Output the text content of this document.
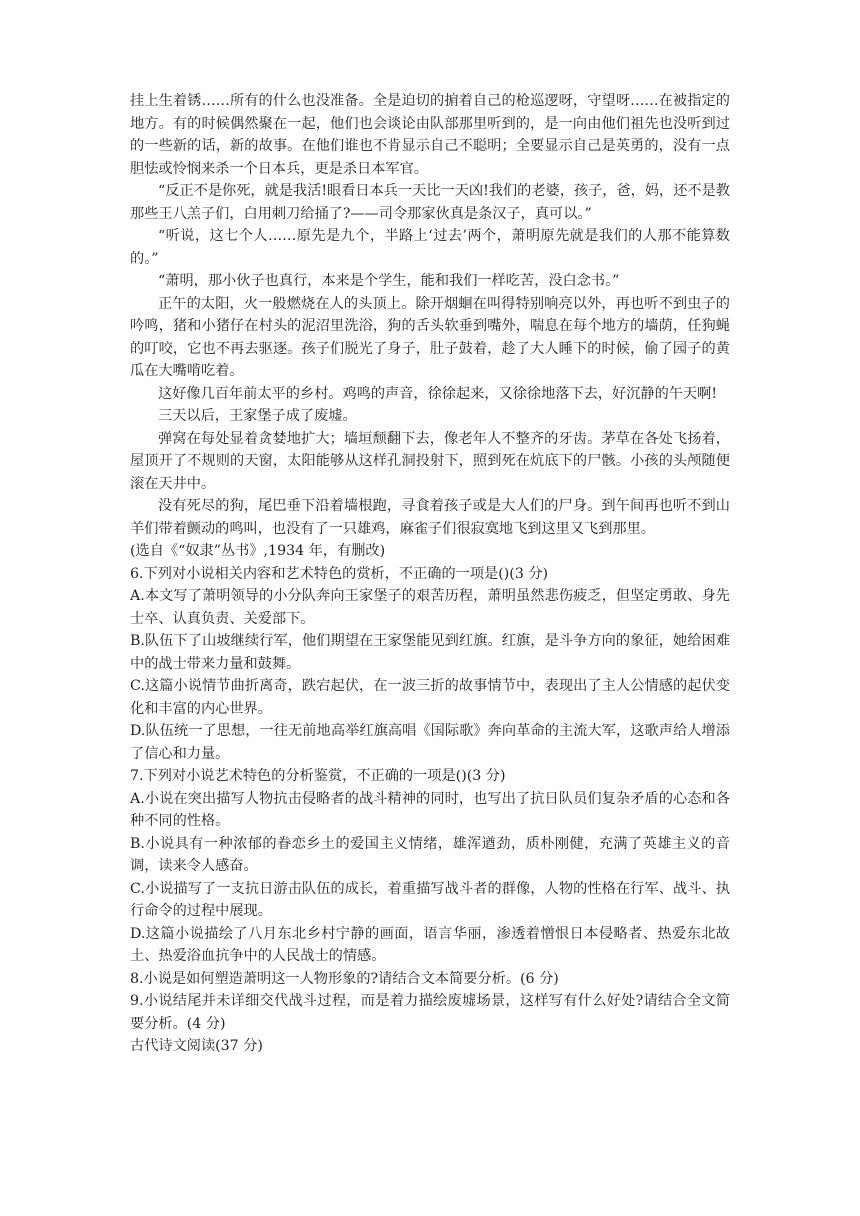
挂上生着锈……所有的什么也没准备。全是迫切的掮着自己的枪巡逻呀，守望呀……在被指定的地方。有的时候偶然聚在一起，他们也会谈论由队部那里听到的，是一向由他们祖先也没听到过的一些新的话，新的故事。在他们谁也不肯显示自己不聪明；全要显示自己是英勇的，没有一点胆怯或怜悯来杀一个日本兵，更是杀日本军官。

“反正不是你死，就是我活!眼看日本兵一天比一天凶!我们的老婆，孩子，爸，妈，还不是教那些王八羔子们，白用刺刀给捅了?——司令那家伙真是条汉子，真可以。”

“听说，这七个人……原先是九个，半路上‘过去’两个，萧明原先就是我们的人那不能算数的。”

“萧明，那小伙子也真行，本来是个学生，能和我们一样吃苦，没白念书。”

正午的太阳，火一般燃烧在人的头顶上。除开烟蛔在叫得特别响亮以外，再也听不到虫子的吟鸣，猪和小猪仔在村头的泥沼里洗浴，狗的舌头软垂到嘴外，喘息在每个地方的墙荫，任狗蝇的叮咬，它也不再去驱逐。孩子们脱光了身子，肚子鼓着，趁了大人睡下的时候，偷了园子的黄瓜在大嘴啃吃着。

这好像几百年前太平的乡村。鸡鸣的声音，徐徐起来，又徐徐地落下去，好沉静的午天啊!

三天以后，王家堡子成了废墟。

弹窝在每处显着贪婪地扩大；墙垣颓翻下去，像老年人不整齐的牙齿。茅草在各处飞扬着，屋顶开了不规则的天窗，太阳能够从这样孔洞投射下，照到死在炕底下的尸骸。小孩的头颅随便滚在天井中。

没有死尽的狗，尾巴垂下沿着墙根跑，寻食着孩子或是大人们的尸身。到午间再也听不到山羊们带着颤动的鸣叫，也没有了一只雄鸡，麻雀子们很寂寞地飞到这里又飞到那里。

(选自《“奴隶”丛书》,1934 年，有删改)

6.下列对小说相关内容和艺术特色的赏析，不正确的一项是()(3 分)

A.本文写了萧明领导的小分队奔向王家堡子的艰苦历程，萧明虽然悲伤疲乏，但坚定勇敢、身先士卒、认真负责、关爱部下。

B.队伍下了山坡继续行军，他们期望在王家堡能见到红旗。红旗，是斗争方向的象征，她给困难中的战士带来力量和鼓舞。

C.这篇小说情节曲折离奇，跌宕起伏，在一波三折的故事情节中，表现出了主人公情感的起伏变化和丰富的内心世界。

D.队伍统一了思想，一往无前地高举红旗高唱《国际歌》奔向革命的主流大军，这歌声给人增添了信心和力量。

7.下列对小说艺术特色的分析鉴赏，不正确的一项是()(3 分)

A.小说在突出描写人物抗击侵略者的战斗精神的同时，也写出了抗日队员们复杂矛盾的心态和各种不同的性格。

B.小说具有一种浓郁的眷恋乡土的爱国主义情绪，雄浑遒劲，质朴刚健，充满了英雄主义的音调，读来令人感奋。

C.小说描写了一支抗日游击队伍的成长，着重描写战斗者的群像，人物的性格在行军、战斗、执行命令的过程中展现。

D.这篇小说描绘了八月东北乡村宁静的画面，语言华丽，渗透着憎恨日本侵略者、热爱东北故土、热爱浴血抗争中的人民战士的情感。

8.小说是如何塑造萧明这一人物形象的?请结合文本简要分析。(6 分)

9.小说结尾并未详细交代战斗过程，而是着力描绘废墟场景，这样写有什么好处?请结合全文简要分析。(4 分)

古代诗文阅读(37 分)
